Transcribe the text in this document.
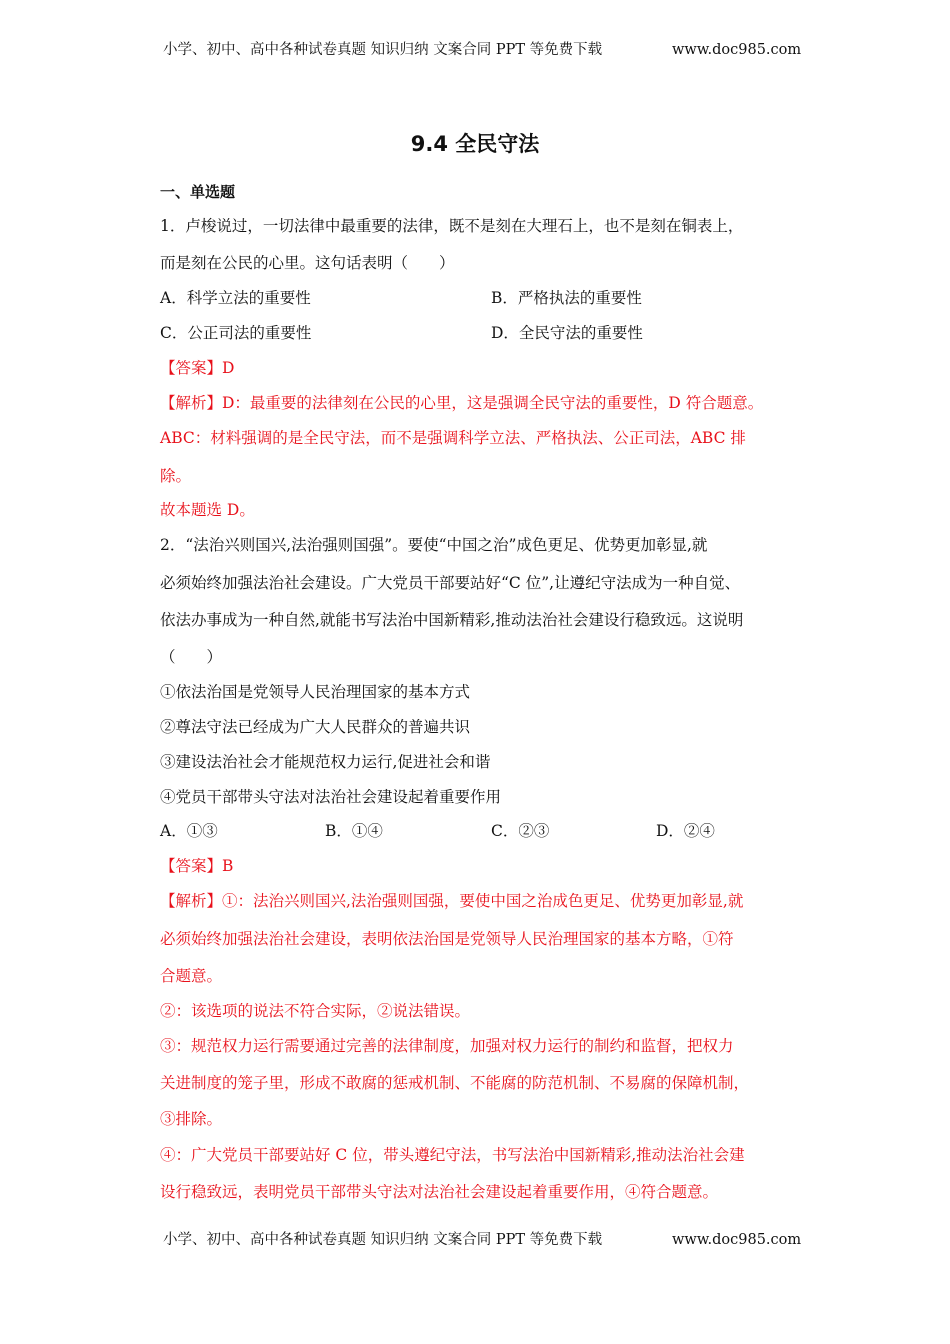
小学、初中、高中各种试卷真题 知识归纳 文案合同 PPT 等免费下载	www.doc985.com
9.4 全民守法
一、单选题
1．卢梭说过，一切法律中最重要的法律，既不是刻在大理石上，也不是刻在铜表上，
而是刻在公民的心里。这句话表明（　　）
A．科学立法的重要性	B．严格执法的重要性
C．公正司法的重要性	D．全民守法的重要性
【答案】D
【解析】D：最重要的法律刻在公民的心里，这是强调全民守法的重要性，D 符合题意。
ABC：材料强调的是全民守法，而不是强调科学立法、严格执法、公正司法，ABC 排
除。
故本题选 D。
2．“法治兴则国兴,法治强则国强”。要使“中国之治”成色更足、优势更加彰显,就
必须始终加强法治社会建设。广大党员干部要站好“C 位”,让遵纪守法成为一种自觉、
依法办事成为一种自然,就能书写法治中国新精彩,推动法治社会建设行稳致远。这说明
（　　）
①依法治国是党领导人民治理国家的基本方式
②尊法守法已经成为广大人民群众的普遍共识
③建设法治社会才能规范权力运行,促进社会和谐
④党员干部带头守法对法治社会建设起着重要作用
A．①③	B．①④	C．②③	D．②④
【答案】B
【解析】①：法治兴则国兴,法治强则国强，要使中国之治成色更足、优势更加彰显,就
必须始终加强法治社会建设，表明依法治国是党领导人民治理国家的基本方略，①符
合题意。
②：该选项的说法不符合实际，②说法错误。
③：规范权力运行需要通过完善的法律制度，加强对权力运行的制约和监督，把权力
关进制度的笼子里，形成不敢腐的惩戒机制、不能腐的防范机制、不易腐的保障机制，
③排除。
④：广大党员干部要站好 C 位，带头遵纪守法，书写法治中国新精彩,推动法治社会建
设行稳致远，表明党员干部带头守法对法治社会建设起着重要作用，④符合题意。
小学、初中、高中各种试卷真题 知识归纳 文案合同 PPT 等免费下载	www.doc985.com
